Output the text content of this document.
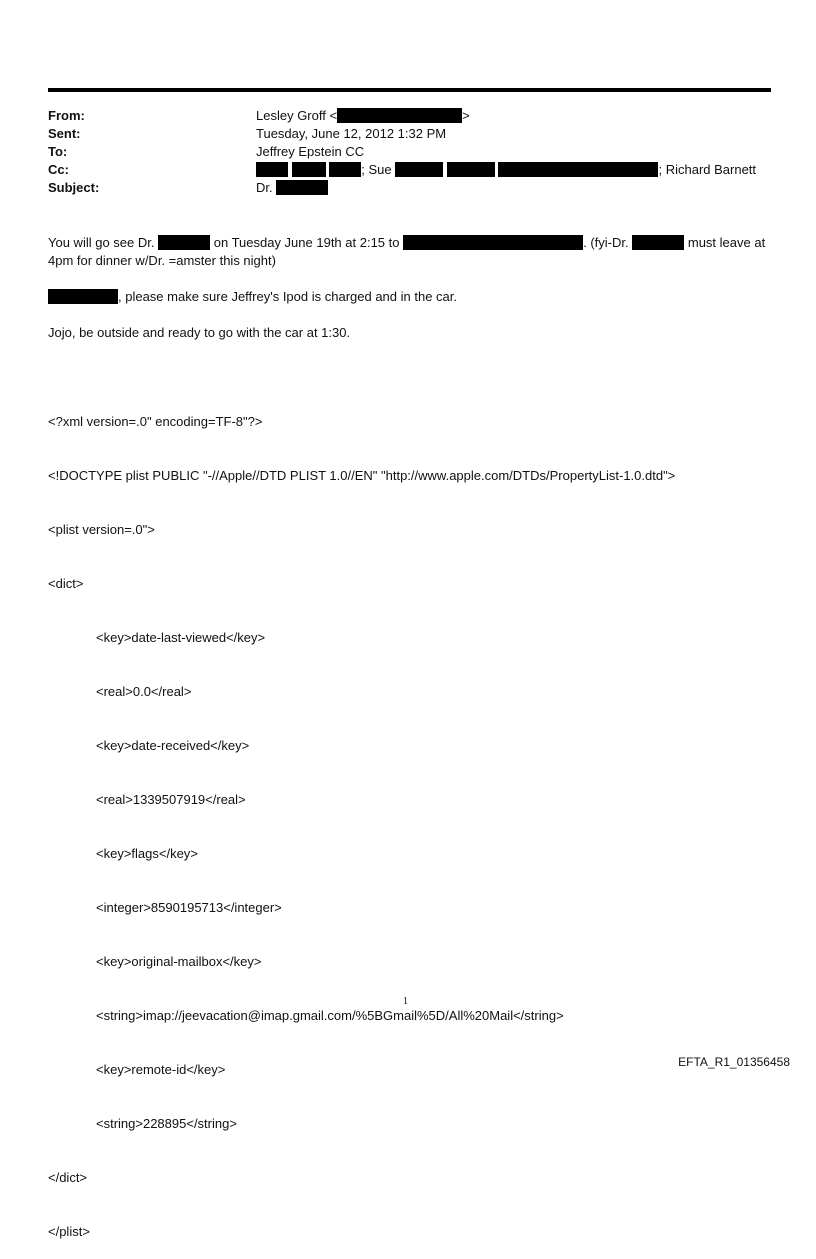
From:	Lesley Groff <	>
Sent:	Tuesday, June 12, 2012 1:32 PM
To:	Jeffrey Epstein CC
Cc:	; Sue	; Richard Barnett
Subject:	Dr.
You will go see Dr.	on Tuesday June 19th at 2:15 to	. (fyi-Dr.	must leave at 4pm for dinner w/Dr. =amster this night)
, please make sure Jeffrey's Ipod is charged and in the car.
Jojo, be outside and ready to go with the car at 1:30.

<?xml version=.0" encoding=TF-8"?>

<!DOCTYPE plist PUBLIC "-//Apple//DTD PLIST 1.0//EN" "http://www.apple.com/DTDs/PropertyList-1.0.dtd">

<plist version=.0">

<dict>

<key>date-last-viewed</key>

<real>0.0</real>

<key>date-received</key>

<real>1339507919</real>

<key>flags</key>

<integer>8590195713</integer>

<key>original-mailbox</key>

<string>imap://jeevacation@imap.gmail.com/%5BGmail%5D/All%20Mail</string>

<key>remote-id</key>

<string>228895</string>

</dict>

</plist>

1
EFTA_R1_01356458
